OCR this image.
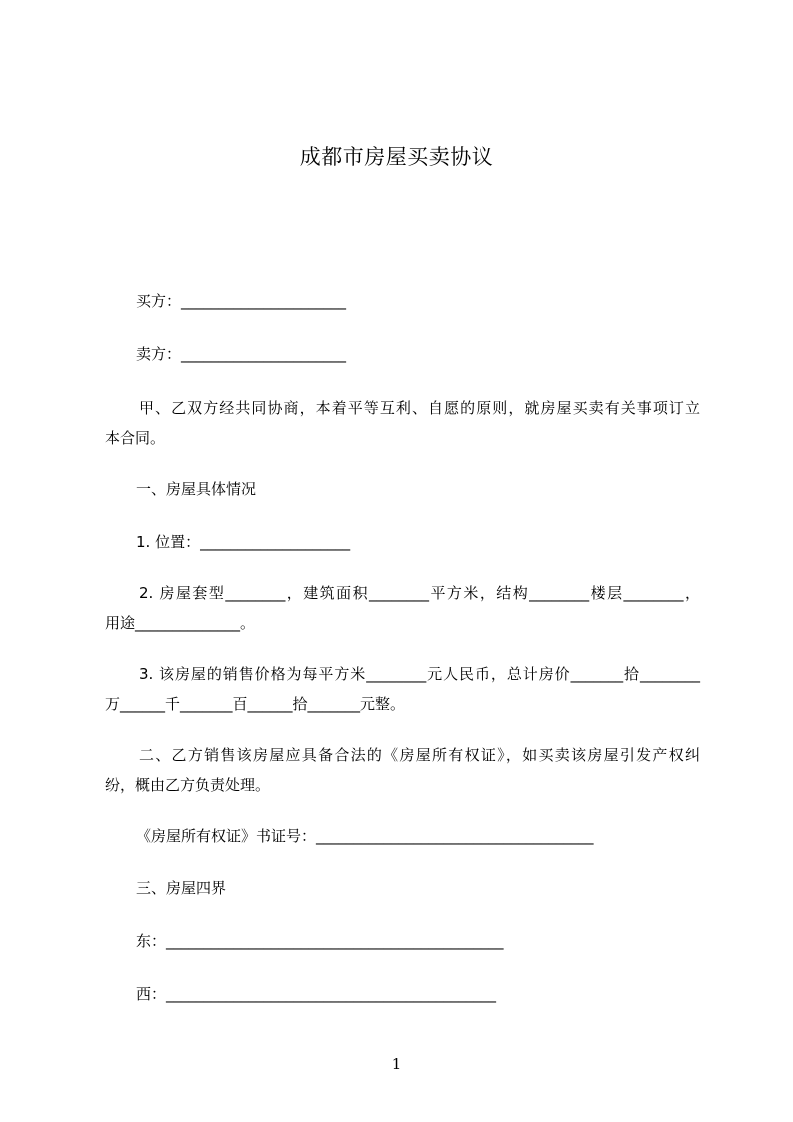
成都市房屋买卖协议
买方：______________________
卖方：______________________
甲、乙双方经共同协商，本着平等互利、自愿的原则，就房屋买卖有关事项订立
本合同。
一、房屋具体情况
1. 位置：____________________
2. 房屋套型________，建筑面积________平方米，结构________楼层________，
用途______________。
3. 该房屋的销售价格为每平方米________元人民币，总计房价_______拾________
万______千_______百______拾_______元整。
二、乙方销售该房屋应具备合法的《房屋所有权证》，如买卖该房屋引发产权纠
纷，概由乙方负责处理。
《房屋所有权证》书证号：_____________________________________
三、房屋四界
东：_____________________________________________
西：____________________________________________
1
